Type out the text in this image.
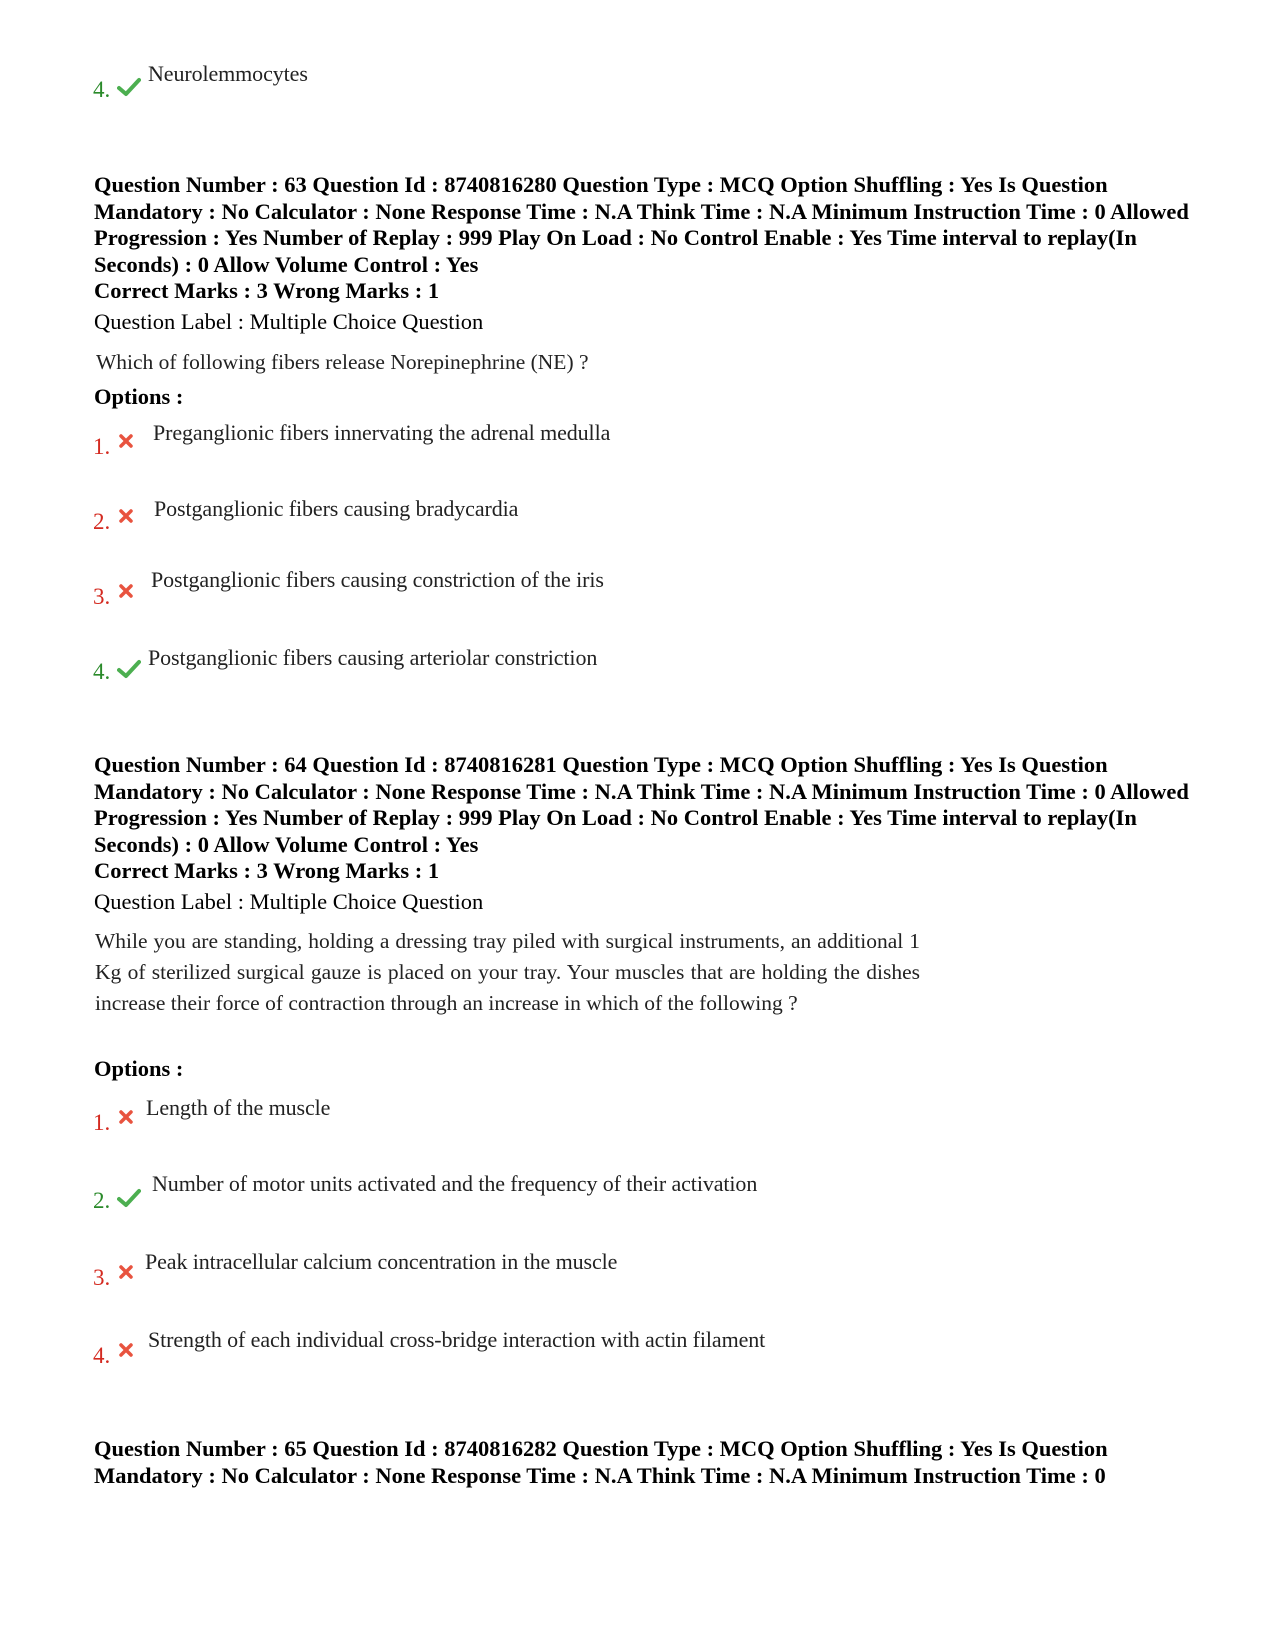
4.
Neurolemmocytes
Question Number : 63 Question Id : 8740816280 Question Type : MCQ Option Shuffling : Yes Is Question Mandatory : No Calculator : None Response Time : N.A Think Time : N.A Minimum Instruction Time : 0 Allowed Progression : Yes Number of Replay : 999 Play On Load : No Control Enable : Yes Time interval to replay(In Seconds) : 0 Allow Volume Control : Yes
Correct Marks : 3 Wrong Marks : 1
Question Label : Multiple Choice Question
Which of following fibers release Norepinephrine (NE) ?
Options :
1.
Preganglionic fibers innervating the adrenal medulla
2.
Postganglionic fibers causing bradycardia
3.
Postganglionic fibers causing constriction of the iris
4.
Postganglionic fibers causing arteriolar constriction
Question Number : 64 Question Id : 8740816281 Question Type : MCQ Option Shuffling : Yes Is Question Mandatory : No Calculator : None Response Time : N.A Think Time : N.A Minimum Instruction Time : 0 Allowed Progression : Yes Number of Replay : 999 Play On Load : No Control Enable : Yes Time interval to replay(In Seconds) : 0 Allow Volume Control : Yes
Correct Marks : 3 Wrong Marks : 1
Question Label : Multiple Choice Question
While you are standing, holding a dressing tray piled with surgical instruments, an additional 1 Kg of sterilized surgical gauze is placed on your tray. Your muscles that are holding the dishes increase their force of contraction through an increase in which of the following ?
Options :
1.
Length of the muscle
2.
Number of motor units activated and the frequency of their activation
3.
Peak intracellular calcium concentration in the muscle
4.
Strength of each individual cross-bridge interaction with actin filament
Question Number : 65 Question Id : 8740816282 Question Type : MCQ Option Shuffling : Yes Is Question Mandatory : No Calculator : None Response Time : N.A Think Time : N.A Minimum Instruction Time : 0
